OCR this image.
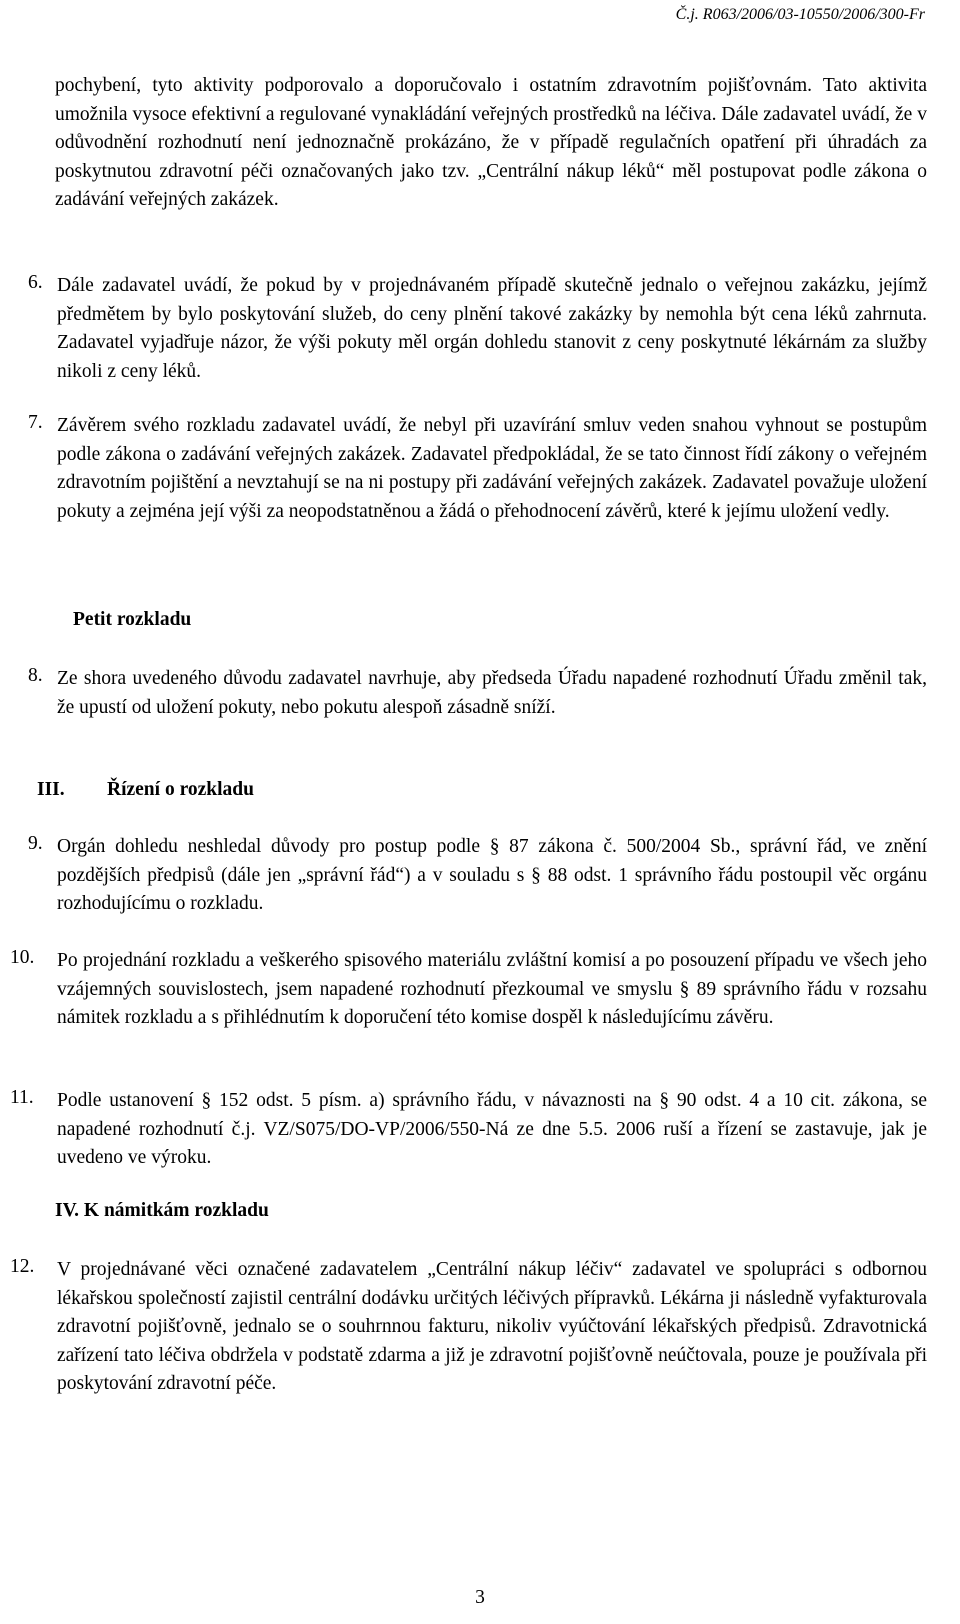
Č.j. R063/2006/03-10550/2006/300-Fr

pochybení, tyto aktivity podporovalo a doporučovalo i ostatním zdravotním pojišťovnám. Tato aktivita umožnila vysoce efektivní a regulované vynakládání veřejných prostředků na léčiva. Dále zadavatel uvádí, že v odůvodnění rozhodnutí není jednoznačně prokázáno, že v případě regulačních opatření při úhradách za poskytnutou zdravotní péči označovaných jako tzv. „Centrální nákup léků“ měl postupovat podle zákona o zadávání veřejných zakázek.

6. Dále zadavatel uvádí, že pokud by v projednávaném případě skutečně jednalo o veřejnou zakázku, jejímž předmětem by bylo poskytování služeb, do ceny plnění takové zakázky by nemohla být cena léků zahrnuta. Zadavatel vyjadřuje názor, že výši pokuty měl orgán dohledu stanovit z ceny poskytnuté lékárnám za služby nikoli z ceny léků.

7. Závěrem svého rozkladu zadavatel uvádí, že nebyl při uzavírání smluv veden snahou vyhnout se postupům podle zákona o zadávání veřejných zakázek. Zadavatel předpokládal, že se tato činnost řídí zákony o veřejném zdravotním pojištění a nevztahují se na ni postupy při zadávání veřejných zakázek. Zadavatel považuje uložení pokuty a zejména její výši za neopodstatněnou a žádá o přehodnocení závěrů, které k jejímu uložení vedly.

Petit rozkladu
8. Ze shora uvedeného důvodu zadavatel navrhuje, aby předseda Úřadu napadené rozhodnutí Úřadu změnil tak, že upustí od uložení pokuty, nebo pokutu alespoň zásadně sníží.

III. Řízení o rozkladu
9. Orgán dohledu neshledal důvody pro postup podle § 87 zákona č. 500/2004 Sb., správní řád, ve znění pozdějších předpisů (dále jen „správní řád“) a v souladu s § 88 odst. 1 správního řádu postoupil věc orgánu rozhodujícímu o rozkladu.

10. Po projednání rozkladu a veškerého spisového materiálu zvláštní komisí a po posouzení případu ve všech jeho vzájemných souvislostech, jsem napadené rozhodnutí přezkoumal ve smyslu § 89 správního řádu v rozsahu námitek rozkladu a s přihlédnutím k doporučení této komise dospěl k následujícímu závěru.

11. Podle ustanovení § 152 odst. 5 písm. a) správního řádu, v návaznosti na § 90 odst. 4 a 10 cit. zákona, se napadené rozhodnutí č.j. VZ/S075/DO-VP/2006/550-Ná ze dne 5.5. 2006 ruší a řízení se zastavuje, jak je uvedeno ve výroku.

IV. K námitkám rozkladu
12. V projednávané věci označené zadavatelem „Centrální nákup léčiv“ zadavatel ve spolupráci s odbornou lékařskou společností zajistil centrální dodávku určitých léčivých přípravků. Lékárna ji následně vyfakturovala zdravotní pojišťovně, jednalo se o souhrnnou fakturu, nikoliv vyúčtování lékařských předpisů. Zdravotnická zařízení tato léčiva obdržela v podstatě zdarma a již je zdravotní pojišťovně neúčtovala, pouze je používala při poskytování zdravotní péče.

3
